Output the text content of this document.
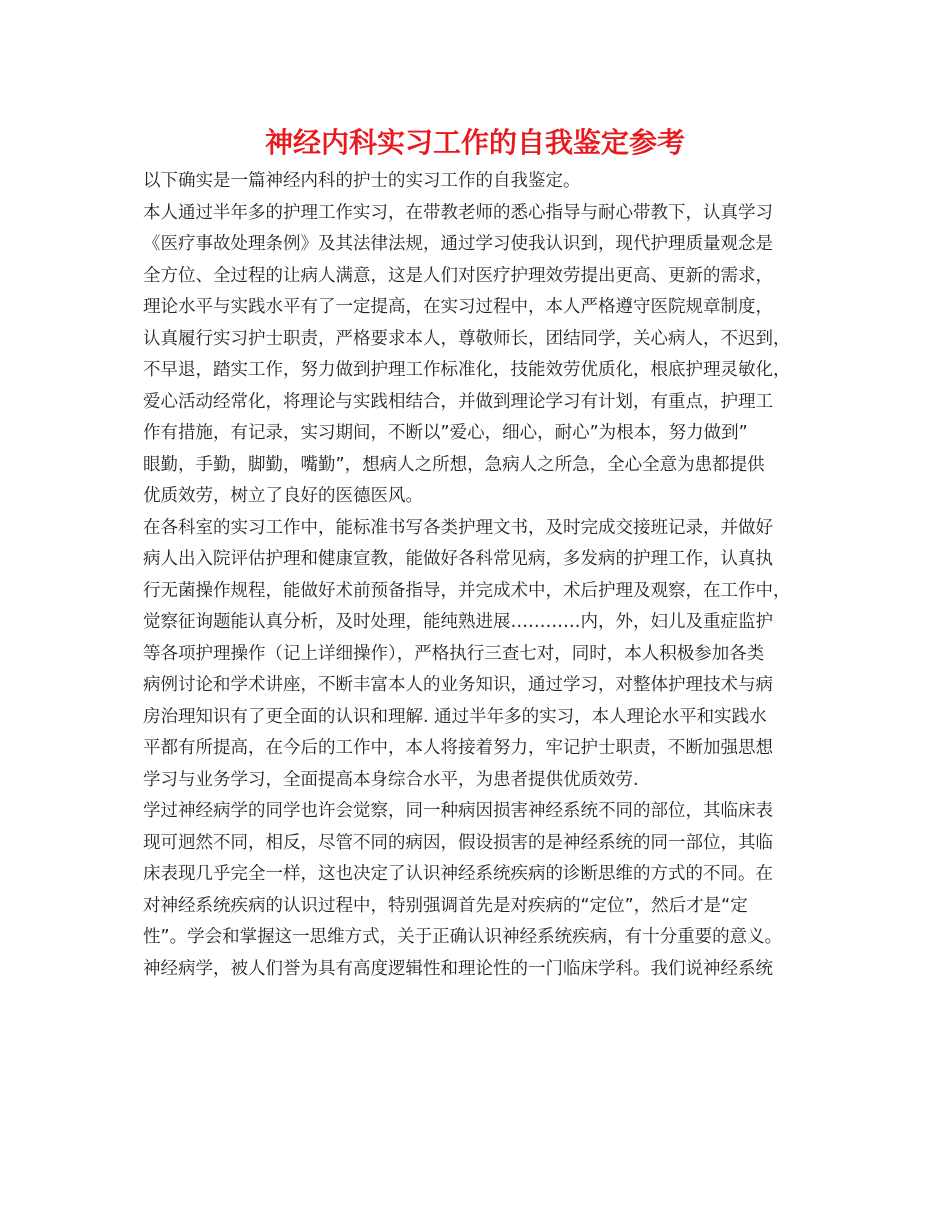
神经内科实习工作的自我鉴定参考
以下确实是一篇神经内科的护士的实习工作的自我鉴定。
本人通过半年多的护理工作实习，在带教老师的悉心指导与耐心带教下，认真学习
《医疗事故处理条例》及其法律法规，通过学习使我认识到，现代护理质量观念是
全方位、全过程的让病人满意，这是人们对医疗护理效劳提出更高、更新的需求，
理论水平与实践水平有了一定提高，在实习过程中，本人严格遵守医院规章制度，
认真履行实习护士职责，严格要求本人，尊敬师长，团结同学，关心病人，不迟到，
不早退，踏实工作，努力做到护理工作标准化，技能效劳优质化，根底护理灵敏化，
爱心活动经常化，将理论与实践相结合，并做到理论学习有计划，有重点，护理工
作有措施，有记录，实习期间，不断以”爱心，细心，耐心”为根本，努力做到”
眼勤，手勤，脚勤，嘴勤”，想病人之所想，急病人之所急，全心全意为患都提供
优质效劳，树立了良好的医德医风。
在各科室的实习工作中，能标准书写各类护理文书，及时完成交接班记录，并做好
病人出入院评估护理和健康宣教，能做好各科常见病，多发病的护理工作，认真执
行无菌操作规程，能做好术前预备指导，并完成术中，术后护理及观察，在工作中，
觉察征询题能认真分析，及时处理，能纯熟进展…………内，外，妇儿及重症监护
等各项护理操作（记上详细操作），严格执行三查七对，同时，本人积极参加各类
病例讨论和学术讲座，不断丰富本人的业务知识，通过学习，对整体护理技术与病
房治理知识有了更全面的认识和理解. 通过半年多的实习，本人理论水平和实践水
平都有所提高，在今后的工作中，本人将接着努力，牢记护士职责，不断加强思想
学习与业务学习，全面提高本身综合水平，为患者提供优质效劳.
学过神经病学的同学也许会觉察，同一种病因损害神经系统不同的部位，其临床表
现可迥然不同，相反，尽管不同的病因，假设损害的是神经系统的同一部位，其临
床表现几乎完全一样，这也决定了认识神经系统疾病的诊断思维的方式的不同。在
对神经系统疾病的认识过程中，特别强调首先是对疾病的“定位”，然后才是“定
性”。学会和掌握这一思维方式，关于正确认识神经系统疾病，有十分重要的意义。
神经病学，被人们誉为具有高度逻辑性和理论性的一门临床学科。我们说神经系统
